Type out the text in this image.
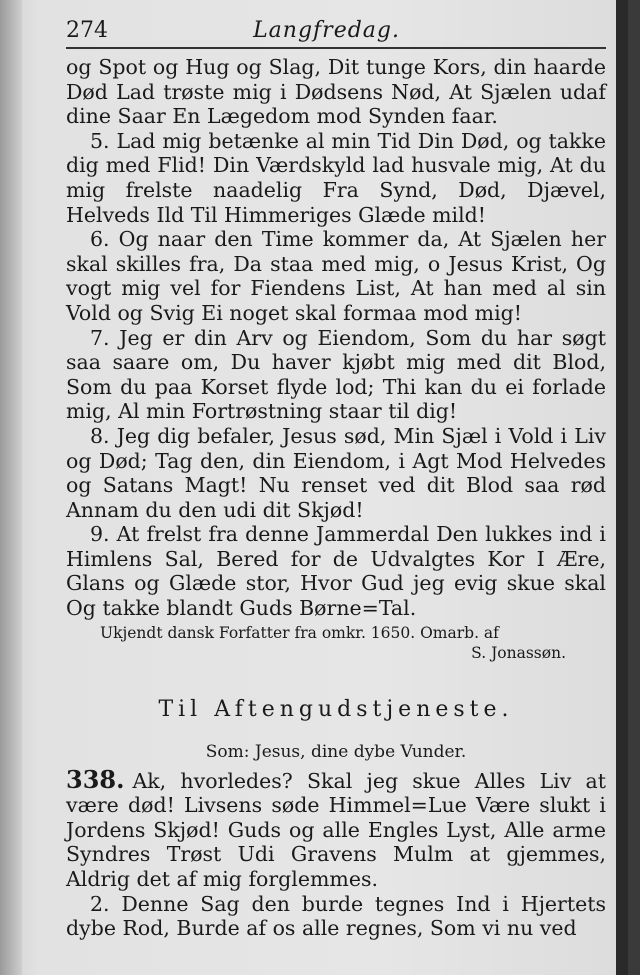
274	Langfredag.

og Spot og Hug og Slag, Dit tunge Kors, din haarde Død Lad trøste mig i Dødsens Nød, At Sjælen udaf dine Saar En Lægedom mod Synden faar.

5. Lad mig betænke al min Tid Din Død, og takke dig med Flid! Din Værdskyld lad husvale mig, At du mig frelste naadelig Fra Synd, Død, Djævel, Helveds Ild Til Himmeriges Glæde mild!

6. Og naar den Time kommer da, At Sjælen her skal skilles fra, Da staa med mig, o Jesus Krist, Og vogt mig vel for Fiendens List, At han med al sin Vold og Svig Ei noget skal formaa mod mig!

7. Jeg er din Arv og Eiendom, Som du har søgt saa saare om, Du haver kjøbt mig med dit Blod, Som du paa Korset flyde lod; Thi kan du ei forlade mig, Al min Fortrøstning staar til dig!

8. Jeg dig befaler, Jesus sød, Min Sjæl i Vold i Liv og Død; Tag den, din Eiendom, i Agt Mod Helvedes og Satans Magt! Nu renset ved dit Blod saa rød Annam du den udi dit Skjød!

9. At frelst fra denne Jammerdal Den lukkes ind i Himlens Sal, Bered for de Udvalgtes Kor I Ære, Glans og Glæde stor, Hvor Gud jeg evig skue skal Og takke blandt Guds Børne=Tal.

Ukjendt dansk Forfatter fra omkr. 1650. Omarb. af
S. Jonassøn.
Til Aftengudstjeneste.
Som: Jesus, dine dybe Vunder.

338. Ak, hvorledes? Skal jeg skue Alles Liv at være død! Livsens søde Himmel=Lue Være slukt i Jordens Skjød! Guds og alle Engles Lyst, Alle arme Syndres Trøst Udi Gravens Mulm at gjemmes, Aldrig det af mig forglemmes.

2. Denne Sag den burde tegnes Ind i Hjertets dybe Rod, Burde af os alle regnes, Som vi nu ved
